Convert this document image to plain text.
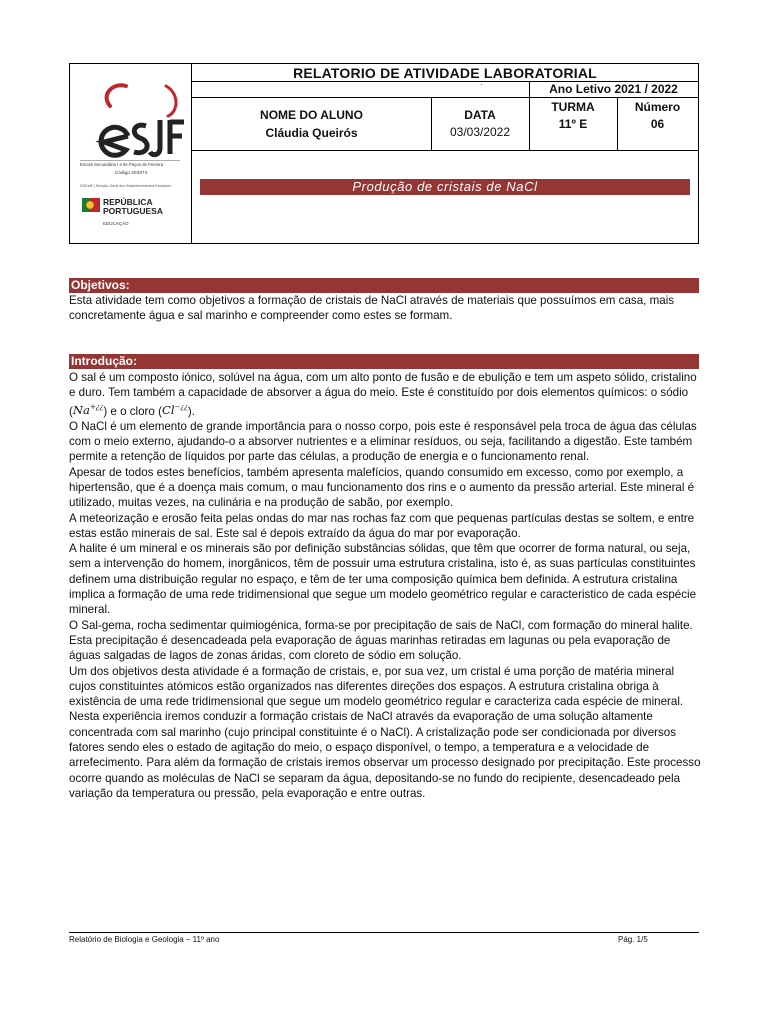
Escola Secundária / 3 de Paços de Ferreira
Código 403374
DGEstE | Direção-Geral dos Estabelecimentos Escolares
REPÚBLICA
PORTUGUESA
EDUCAÇÃO
RELATORIO DE ATIVIDADE LABORATORIAL
·	Ano Letivo 2021 / 2022
NOME DO ALUNO
Cláudia Queirós
DATA
03/03/2022
TURMA
11º E
Número
06
Produção de cristais de NaCl
Objetivos:

Esta atividade tem como objetivos a formação de cristais de NaCl através de materiais que possuímos em casa, mais concretamente água e sal marinho e compreender como estes se formam.

Introdução:
O sal é um composto iónico, solúvel na água, com um alto ponto de fusão e de ebulição e tem um aspeto sólido, cristalino e duro. Tem também a capacidade de absorver a água do meio. Este é constituído por dois elementos químicos: o sódio (Na+¿¿) e o cloro (Cl−¿¿).
O NaCl é um elemento de grande importância para o nosso corpo, pois este é responsável pela troca de água das células com o meio externo, ajudando-o a absorver nutrientes e a eliminar resíduos, ou seja, facilitando a digestão. Este também permite a retenção de líquidos por parte das células, a produção de energia e o funcionamento renal.
Apesar de todos estes benefícios, também apresenta malefícios, quando consumido em excesso, como por exemplo, a hipertensão, que é a doença mais comum, o mau funcionamento dos rins e o aumento da pressão arterial. Este mineral é utilizado, muitas vezes, na culinária e na produção de sabão, por exemplo.
A meteorização e erosão feita pelas ondas do mar nas rochas faz com que pequenas partículas destas se soltem, e entre estas estão minerais de sal. Este sal é depois extraído da água do mar por evaporação.
A halite é um mineral e os minerais são por definição substâncias sólidas, que têm que ocorrer de forma natural, ou seja, sem a intervenção do homem, inorgânicos, têm de possuir uma estrutura cristalina, isto é, as suas partículas constituintes definem uma distribuição regular no espaço, e têm de ter uma composição química bem definida. A estrutura cristalina implica a formação de uma rede tridimensional que segue um modelo geométrico regular e caracteristico de cada espécie mineral.
O Sal-gema, rocha sedimentar quimiogénica, forma-se por precipitação de sais de NaCl, com formação do mineral halite. Esta precipitação é desencadeada pela evaporação de águas marinhas retiradas em lagunas ou pela evaporação de águas salgadas de lagos de zonas áridas, com cloreto de sódio em solução.
Um dos objetivos desta atividade é a formação de cristais, e, por sua vez, um cristal é uma porção de matéria mineral cujos constituintes atómicos estão organizados nas diferentes direções dos espaços. A estrutura cristalina obriga à existência de uma rede tridimensional que segue um modelo geométrico regular e caracteriza cada espécie de mineral.
Nesta experiência iremos conduzir a formação cristais de NaCl através da evaporação de uma solução altamente concentrada com sal marinho (cujo principal constituinte é o NaCl). A cristalização pode ser condicionada por diversos fatores sendo eles o estado de agitação do meio, o espaço disponível, o tempo, a temperatura e a velocidade de arrefecimento. Para além da formação de cristais iremos observar um processo designado por precipitação. Este processo ocorre quando as moléculas de NaCl se separam da água, depositando-se no fundo do recipiente, desencadeado pela variação da temperatura ou pressão, pela evaporação e entre outras.
Relatório de Biologia e Geologia – 11º ano	Pág. 1/5
